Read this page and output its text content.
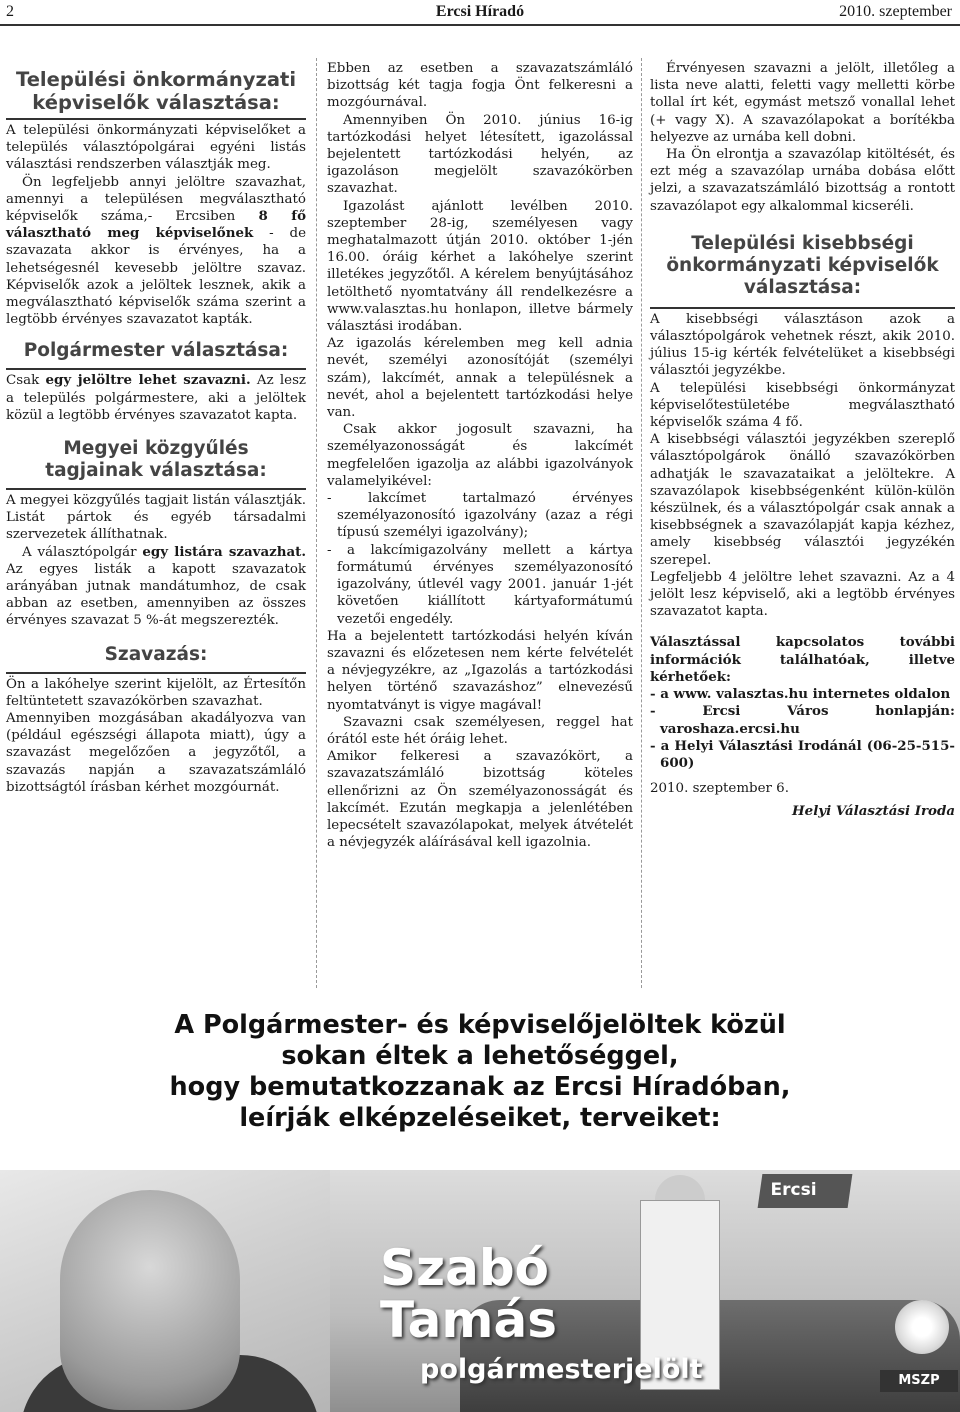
2	Ercsi Híradó	2010. szeptember
Települési önkormányzati
képviselők választása:

A települési önkormányzati képviselőket a település választópolgárai egyéni listás választási rendszerben választják meg.

Ön legfeljebb annyi jelöltre szavazhat, amennyi a településen megválasztható képviselők száma,- Ercsiben 8 fő választható meg képviselőnek - de szavazata akkor is érvényes, ha a lehetségesnél kevesebb jelöltre szavaz. Képviselők azok a jelöltek lesznek, akik a megválasztható képviselők száma szerint a legtöbb érvényes szavazatot kapták.

Polgármester választása:

Csak egy jelöltre lehet szavazni. Az lesz a település polgármestere, aki a jelöltek közül a legtöbb érvényes szavazatot kapta.

Megyei közgyűlés
tagjainak választása:

A megyei közgyűlés tagjait listán választják. Listát pártok és egyéb társadalmi szervezetek állíthatnak.

A választópolgár egy listára szavazhat. Az egyes listák a kapott szavazatok arányában jutnak mandátumhoz, de csak abban az esetben, amennyiben az összes érvényes szavazat 5 %-át megszerezték.

Szavazás:

Ön a lakóhelye szerint kijelölt, az Értesítőn feltüntetett szavazókörben szavazhat.

Amennyiben mozgásában akadályozva van (például egészségi állapota miatt), úgy a szavazást megelőzően a jegyzőtől, a szavazás napján a szavazatszámláló bizottságtól írásban kérhet mozgóurnát.

Ebben az esetben a szavazatszámláló bizottság két tagja fogja Önt felkeresni a mozgóurnával.

Amennyiben Ön 2010. június 16-ig tartózkodási helyet létesített, igazolással bejelentett tartózkodási helyén, az igazoláson megjelölt szavazókörben szavazhat.

Igazolást ajánlott levélben 2010. szeptember 28-ig, személyesen vagy meghatalmazott útján 2010. október 1-jén 16.00. óráig kérhet a lakóhelye szerint illetékes jegyzőtől. A kérelem benyújtásához letölthető nyomtatvány áll rendelkezésre a www.valasztas.hu honlapon, illetve bármely választási irodában.

Az igazolás kérelemben meg kell adnia nevét, személyi azonosítóját (személyi szám), lakcímét, annak a településnek a nevét, ahol a bejelentett tartózkodási helye van.

Csak akkor jogosult szavazni, ha személyazonosságát és lakcímét megfelelően igazolja az alábbi igazolványok valamelyikével:

- lakcímet tartalmazó érvényes személyazonosító igazolvány (azaz a régi típusú személyi igazolvány);

- a lakcímigazolvány mellett a kártya formátumú érvényes személyazonosító igazolvány, útlevél vagy 2001. január 1-jét követően kiállított kártyaformátumú vezetői engedély.

Ha a bejelentett tartózkodási helyén kíván szavazni és előzetesen nem kérte felvételét a névjegyzékre, az „Igazolás a tartózkodási helyen történő szavazáshoz” elnevezésű nyomtatványt is vigye magával!

Szavazni csak személyesen, reggel hat órától este hét óráig lehet.

Amikor felkeresi a szavazókört, a szavazatszámláló bizottság köteles ellenőrizni az Ön személyazonosságát és lakcímét. Ezután megkapja a jelenlétében lepecsételt szavazólapokat, melyek átvételét a névjegyzék aláírásával kell igazolnia.

Érvényesen szavazni a jelölt, illetőleg a lista neve alatti, feletti vagy melletti körbe tollal írt két, egymást metsző vonallal lehet (+ vagy X). A szavazólapokat a borítékba helyezve az urnába kell dobni.

Ha Ön elrontja a szavazólap kitöltését, és ezt még a szavazólap urnába dobása előtt jelzi, a szavazatszámláló bizottság a rontott szavazólapot egy alkalommal kicseréli.

Települési kisebbségi
önkormányzati képviselők
választása:

A kisebbségi választáson azok a választópolgárok vehetnek részt, akik 2010. július 15-ig kérték felvételüket a kisebbségi választói jegyzékbe.

A települési kisebbségi önkormányzat képviselőtestületébe megválasztható képviselők száma 4 fő.

A kisebbségi választói jegyzékben szereplő választópolgárok önálló szavazókörben adhatják le szavazataikat a jelöltekre. A szavazólapok kisebbségenként külön-külön készülnek, és a választópolgár csak annak a kisebbségnek a szavazólapját kapja kézhez, amely kisebbség választói jegyzékén szerepel.

Legfeljebb 4 jelöltre lehet szavazni. Az a 4 jelölt lesz képviselő, aki a legtöbb érvényes szavazatot kapta.

Választással kapcsolatos további információk találhatóak, illetve kérhetőek:

- a www. valasztas.hu internetes oldalon

- Ercsi Város honlapján: varoshaza.ercsi.hu

- a Helyi Választási Irodánál (06-25-515-600)

2010. szeptember 6.

Helyi Választási Iroda

A Polgármester- és képviselőjelöltek közül
sokan éltek a lehetőséggel,
hogy bemutatkozzanak az Ercsi Híradóban,
leírják elképzeléseiket, terveiket:
Ercsi
Szabó
Tamás
polgármesterjelölt	MSZP
